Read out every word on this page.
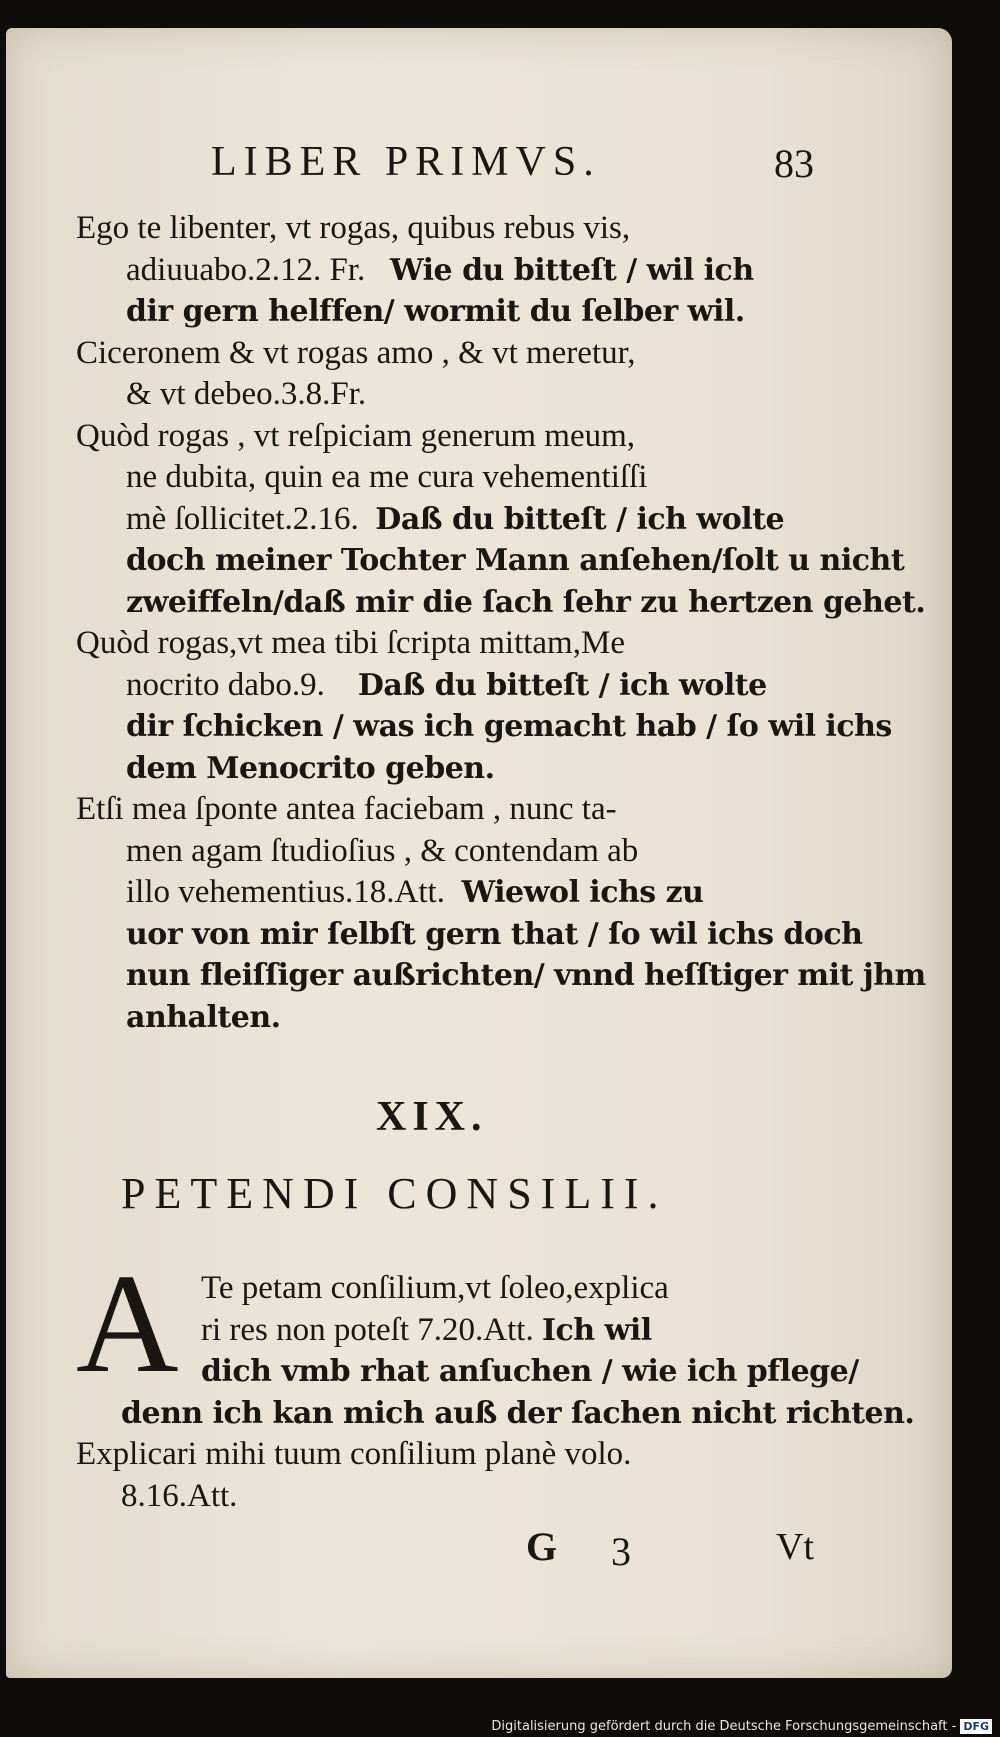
LIBER PRIMVS.	83

Ego te libenter, vt rogas, quibus rebus vis,
adiuuabo.2.12. Fr. Wie du bitteſt / wil ich
dir gern helffen/ wormit du ſelber wil.

Ciceronem & vt rogas amo , & vt meretur,
& vt debeo.3.8.Fr.

Quòd rogas , vt reſpiciam generum meum,
ne dubita, quin ea me cura vehementiſſi
mè ſollicitet.2.16. Daß du bitteſt / ich wolte
doch meiner Tochter Mann anſehen/ſolt u nicht
zweiffeln/daß mir die ſach ſehr zu hertzen gehet.

Quòd rogas,vt mea tibi ſcripta mittam,Me
nocrito dabo.9. Daß du bitteſt / ich wolte
dir ſchicken / was ich gemacht hab / ſo wil ichs
dem Menocrito geben.

Etſi mea ſponte antea faciebam , nunc ta-
men agam ſtudioſius , & contendam ab
illo vehementius.18.Att. Wiewol ichs zu
uor von mir ſelbſt gern that / ſo wil ichs doch
nun fleiſſiger außrichten/ vnnd heſſtiger mit jhm
anhalten.

XIX.
PETENDI CONSILII.
A Te petam conſilium,vt ſoleo,explica
ri res non poteſt 7.20.Att. Ich wil
dich vmb rhat anſuchen / wie ich pflege/
denn ich kan mich auß der ſachen nicht richten.
Explicari mihi tuum conſilium planè volo.
8.16.Att.
G 3	Vt
Digitalisierung gefördert durch die Deutsche Forschungsgemeinschaft - DFG
